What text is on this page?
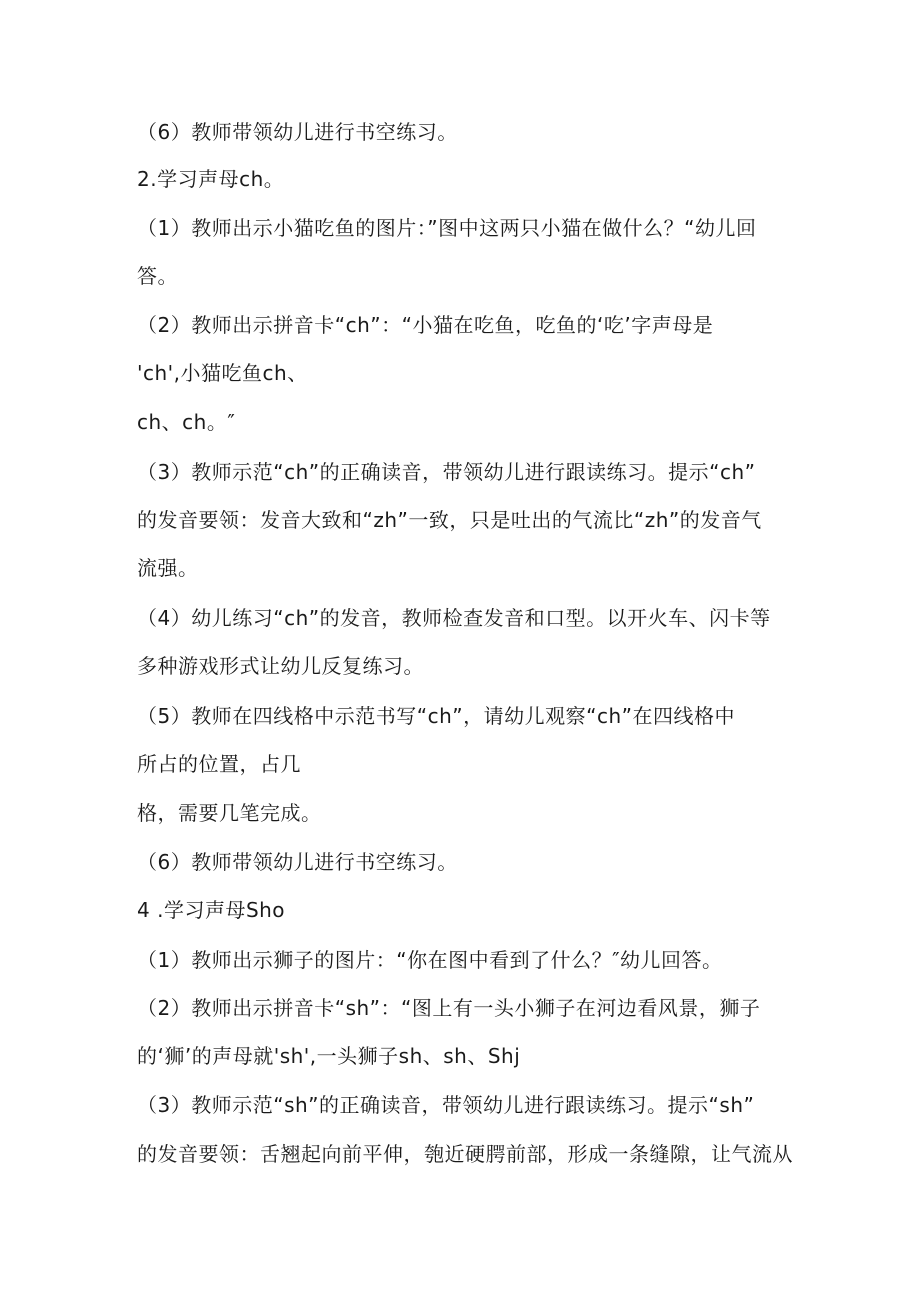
（6）教师带领幼儿进行书空练习。
2.学习声母ch。
（1）教师出示小猫吃鱼的图片：”图中这两只小猫在做什么？“幼儿回
答。
（2）教师出示拼音卡“ch”：“小猫在吃鱼，吃鱼的‘吃’字声母是
'ch',小猫吃鱼ch、
ch、ch。″
（3）教师示范“ch”的正确读音，带领幼儿进行跟读练习。提示“ch”
的发音要领：发音大致和“zh”一致，只是吐出的气流比“zh”的发音气
流强。
（4）幼儿练习“ch”的发音，教师检查发音和口型。以开火车、闪卡等
多种游戏形式让幼儿反复练习。
（5）教师在四线格中示范书写“ch”，请幼儿观察“ch”在四线格中
所占的位置，占几
格，需要几笔完成。
（6）教师带领幼儿进行书空练习。
4 .学习声母Sho
（1）教师出示狮子的图片：“你在图中看到了什么？″幼儿回答。
（2）教师出示拼音卡“sh”：“图上有一头小狮子在河边看风景，狮子
的‘狮’的声母就'sh',一头狮子sh、sh、Shj
（3）教师示范“sh”的正确读音，带领幼儿进行跟读练习。提示“sh”
的发音要领：舌翘起向前平伸，匏近硬腭前部，形成一条缝隙，让气流从
